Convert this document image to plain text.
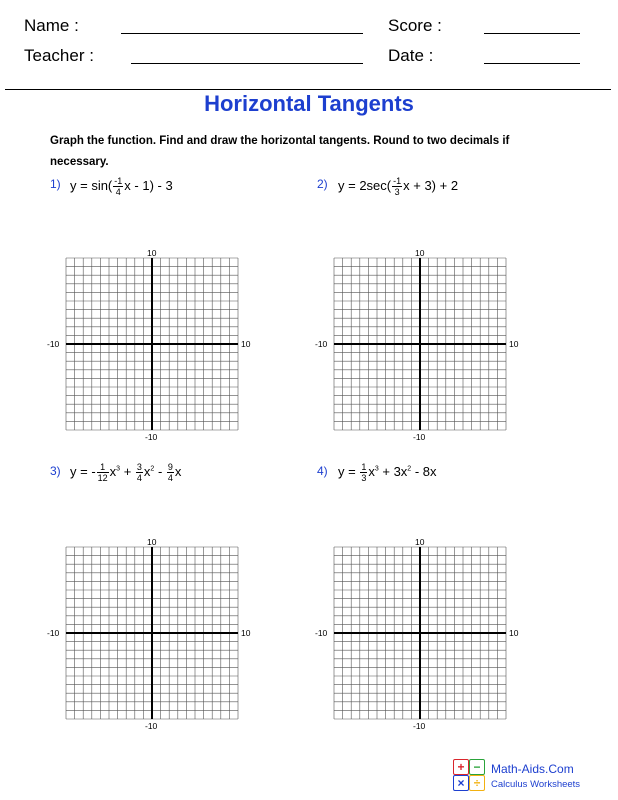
Name :	Score :
Teacher :	Date :
Horizontal Tangents
Graph the function. Find and draw the horizontal tangents. Round to two decimals if necessary.
1) $y = \sin( \frac{-1}{4}$ x - 1) - 3	2) $y = 2\sec( \frac{-1}{3}$ x + 3) + 2
3) y = - $\frac{1}{12} x^3 + \frac{3}{4} x^2 - \frac{9}{4}$ x	4) $y = \frac{1}{3} x^3 + 3x^2 - 8x$
10
-10
-10	10
10
-10
-10	10
10
-10
-10	10
10
-10
-10	10
+ −
× ÷
Math-Aids.Com
Calculus Worksheets
